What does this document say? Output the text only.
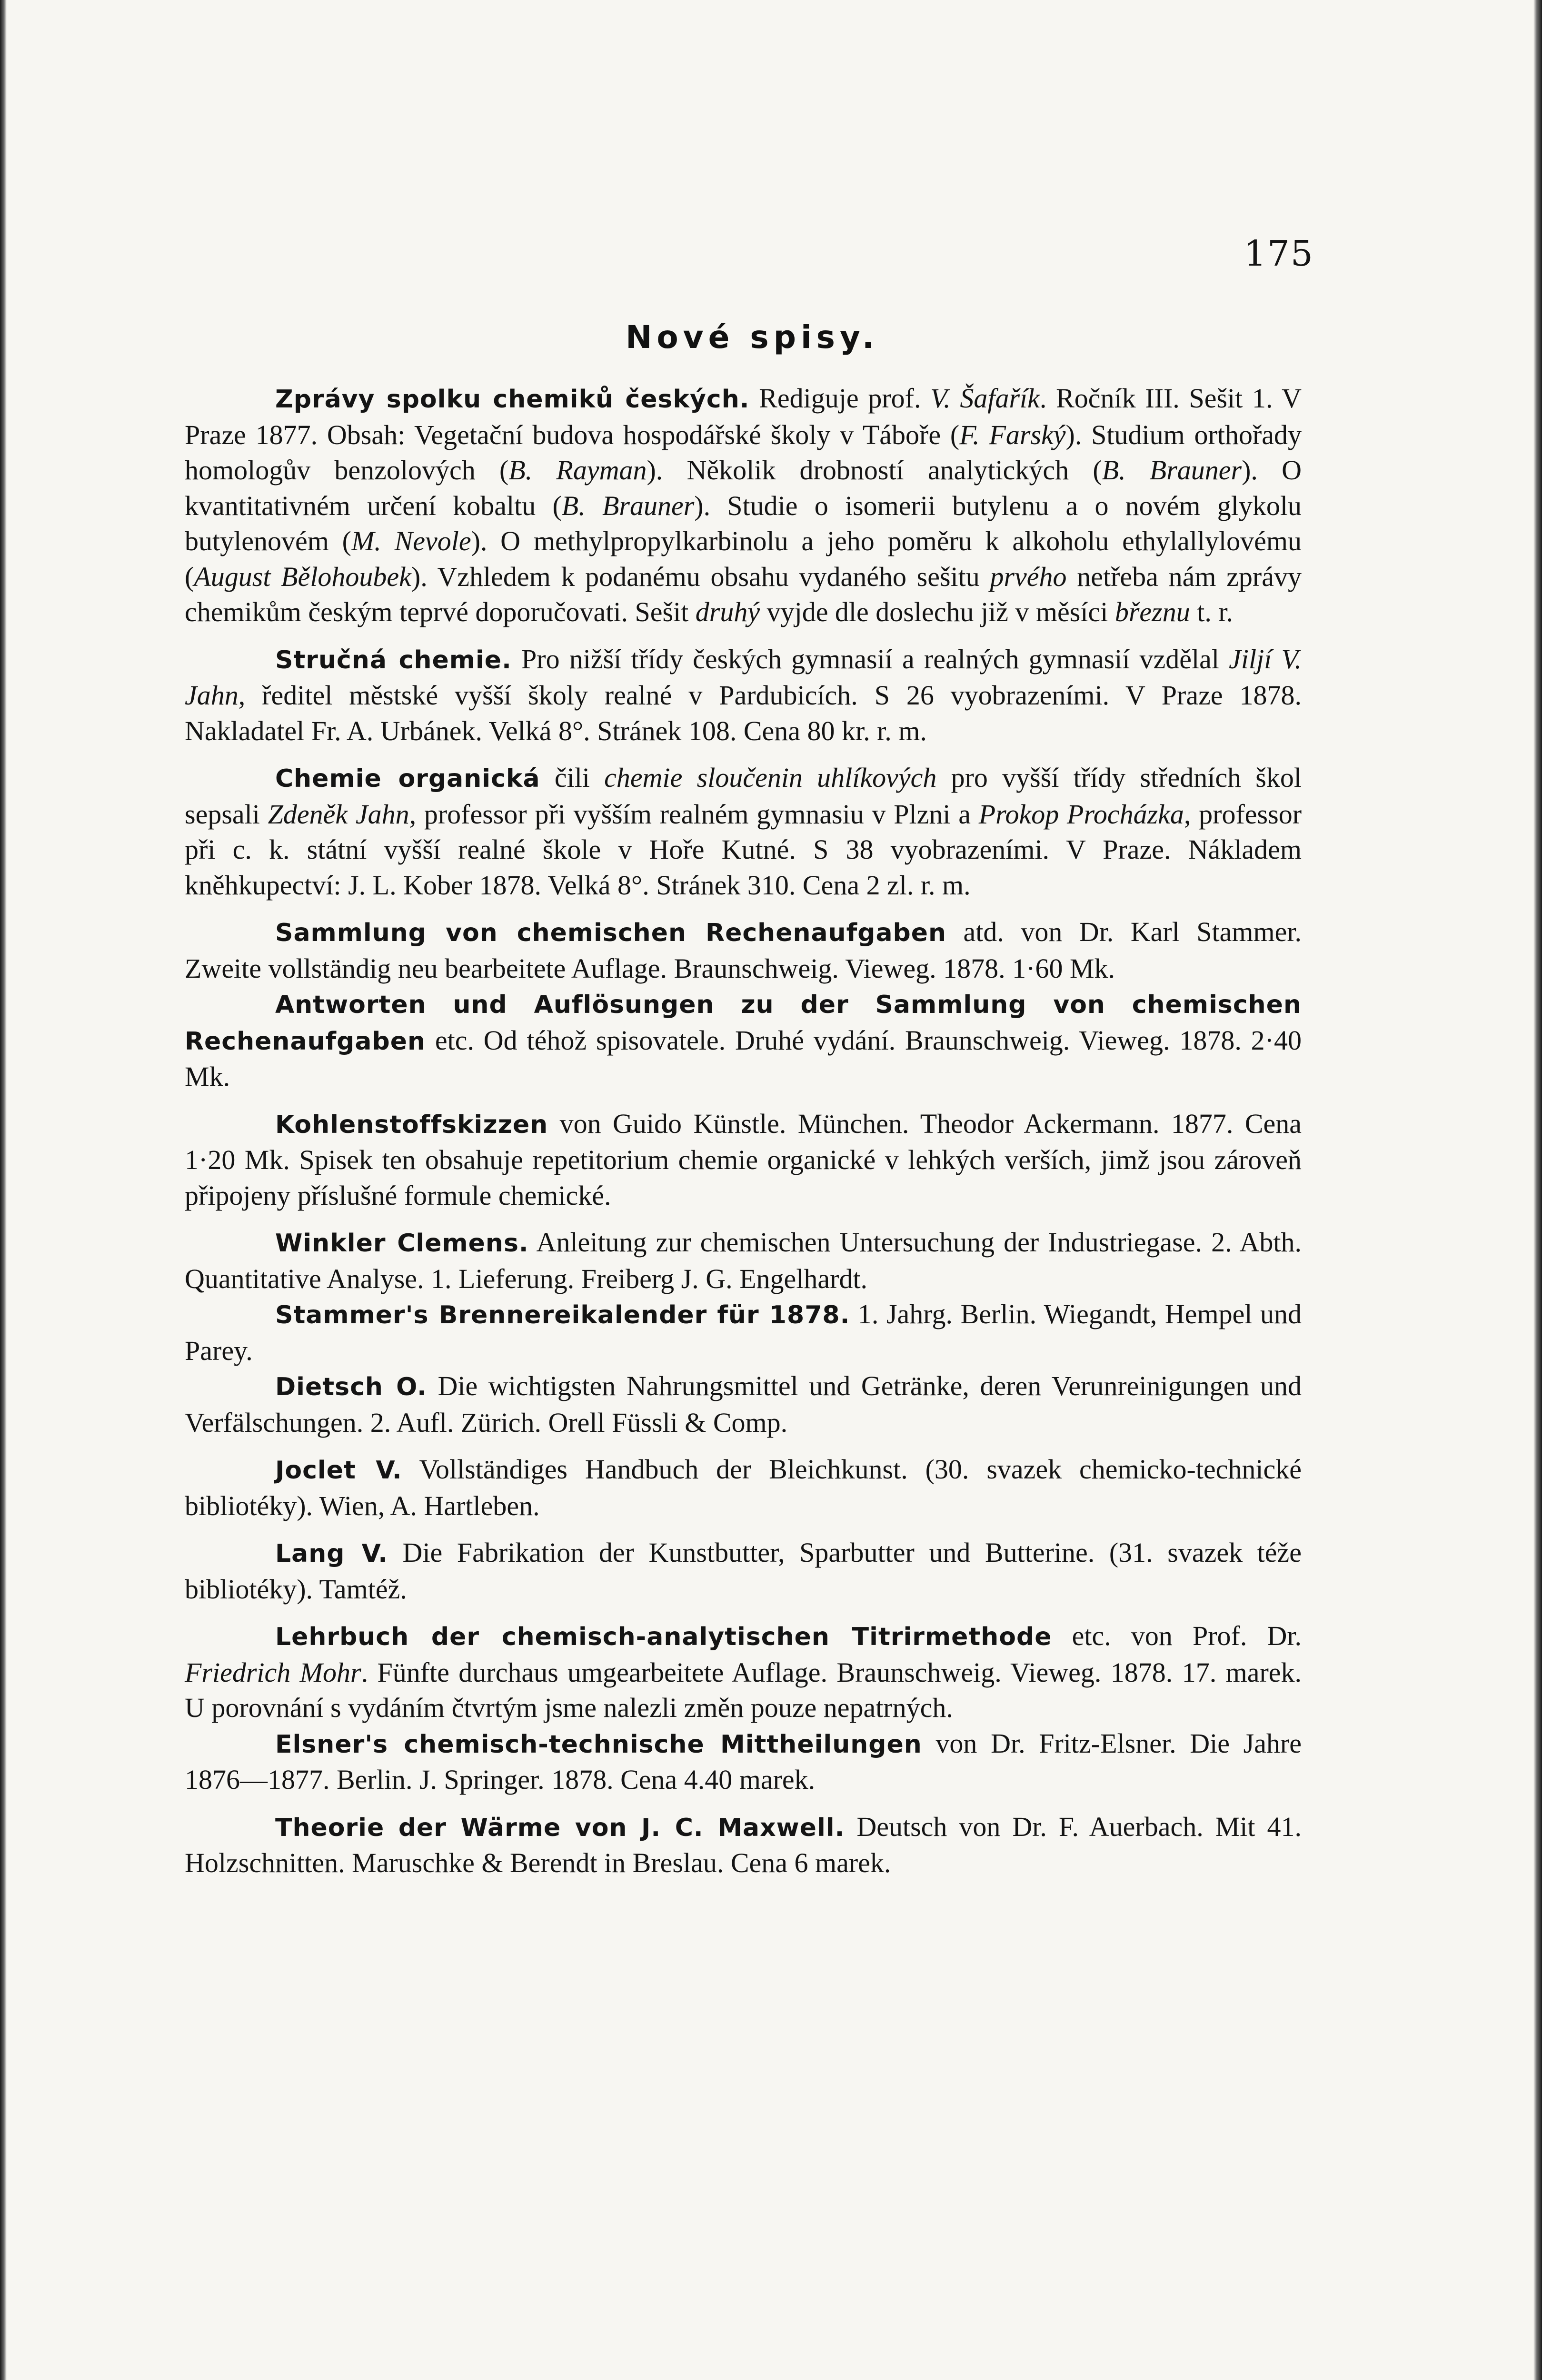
175
Nové spisy.

Zprávy spolku chemiků českých. Rediguje prof. V. Šafařík. Ročník III. Sešit 1. V Praze 1877. Obsah: Vegetační budova hospodářské školy v Táboře (F. Farský). Studium orthořady homologův benzolových (B. Rayman). Několik drobností analytických (B. Brauner). O kvantitativném určení kobaltu (B. Brauner). Studie o isomerii butylenu a o novém glykolu butylenovém (M. Nevole). O methylpropylkarbinolu a jeho poměru k alkoholu ethylallylovému (August Bělohoubek). Vzhledem k podanému obsahu vydaného sešitu prvého netřeba nám zprávy chemikům českým teprvé doporučovati. Sešit druhý vyjde dle doslechu již v měsíci březnu t. r.

Stručná chemie. Pro nižší třídy českých gymnasií a realných gymnasií vzdělal Jiljí V. Jahn, ředitel městské vyšší školy realné v Pardubicích. S 26 vyobrazeními. V Praze 1878. Nakladatel Fr. A. Urbánek. Velká 8°. Stránek 108. Cena 80 kr. r. m.

Chemie organická čili chemie sloučenin uhlíkových pro vyšší třídy středních škol sepsali Zdeněk Jahn, professor při vyšším realném gymnasiu v Plzni a Prokop Procházka, professor při c. k. státní vyšší realné škole v Hoře Kutné. S 38 vyobrazeními. V Praze. Nákladem kněhkupectví: J. L. Kober 1878. Velká 8°. Stránek 310. Cena 2 zl. r. m.

Sammlung von chemischen Rechenaufgaben atd. von Dr. Karl Stammer. Zweite vollständig neu bearbeitete Auflage. Braunschweig. Vieweg. 1878. 1·60 Mk.

Antworten und Auflösungen zu der Sammlung von chemischen Rechenaufgaben etc. Od téhož spisovatele. Druhé vydání. Braunschweig. Vieweg. 1878. 2·40 Mk.

Kohlenstoffskizzen von Guido Künstle. München. Theodor Ackermann. 1877. Cena 1·20 Mk. Spisek ten obsahuje repetitorium chemie organické v lehkých verších, jimž jsou zároveň připojeny příslušné formule chemické.

Winkler Clemens. Anleitung zur chemischen Untersuchung der Industriegase. 2. Abth. Quantitative Analyse. 1. Lieferung. Freiberg J. G. Engelhardt.

Stammer's Brennereikalender für 1878. 1. Jahrg. Berlin. Wiegandt, Hempel und Parey.

Dietsch O. Die wichtigsten Nahrungsmittel und Getränke, deren Verunreinigungen und Verfälschungen. 2. Aufl. Zürich. Orell Füssli & Comp.

Joclet V. Vollständiges Handbuch der Bleichkunst. (30. svazek chemicko-technické bibliotéky). Wien, A. Hartleben.

Lang V. Die Fabrikation der Kunstbutter, Sparbutter und Butterine. (31. svazek téže bibliotéky). Tamtéž.

Lehrbuch der chemisch-analytischen Titrirmethode etc. von Prof. Dr. Friedrich Mohr. Fünfte durchaus umgearbeitete Auflage. Braunschweig. Vieweg. 1878. 17. marek. U porovnání s vydáním čtvrtým jsme nalezli změn pouze nepatrných.

Elsner's chemisch-technische Mittheilungen von Dr. Fritz-Elsner. Die Jahre 1876—1877. Berlin. J. Springer. 1878. Cena 4.40 marek.

Theorie der Wärme von J. C. Maxwell. Deutsch von Dr. F. Auerbach. Mit 41. Holzschnitten. Maruschke & Berendt in Breslau. Cena 6 marek.
